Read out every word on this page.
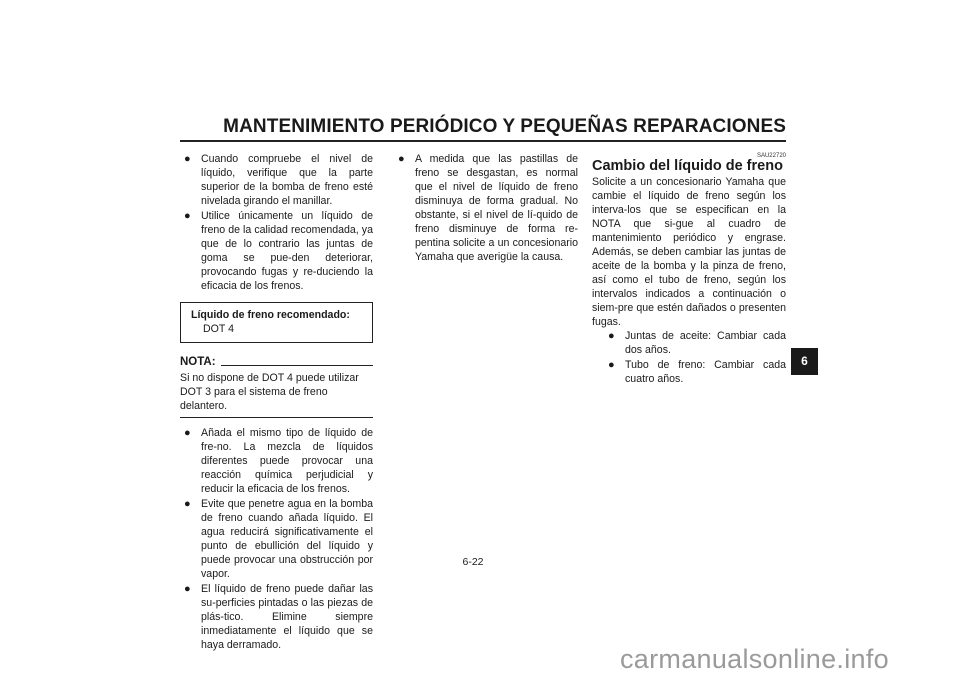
MANTENIMIENTO PERIÓDICO Y PEQUEÑAS REPARACIONES
● Cuando compruebe el nivel de líquido, verifique que la parte superior de la bomba de freno esté nivelada girando el manillar.
● Utilice únicamente un líquido de freno de la calidad recomendada, ya que de lo contrario las juntas de goma se pue-den deteriorar, provocando fugas y re-duciendo la eficacia de los frenos.
Líquido de freno recomendado:
DOT 4
NOTA:
Si no dispone de DOT 4 puede utilizar DOT 3 para el sistema de freno delantero.
● Añada el mismo tipo de líquido de fre-no. La mezcla de líquidos diferentes puede provocar una reacción química perjudicial y reducir la eficacia de los frenos.
● Evite que penetre agua en la bomba de freno cuando añada líquido. El agua reducirá significativamente el punto de ebullición del líquido y puede provocar una obstrucción por vapor.
● El líquido de freno puede dañar las su-perficies pintadas o las piezas de plás-tico. Elimine siempre inmediatamente el líquido que se haya derramado.
● A medida que las pastillas de freno se desgastan, es normal que el nivel de líquido de freno disminuya de forma gradual. No obstante, si el nivel de lí-quido de freno disminuye de forma re-pentina solicite a un concesionario Yamaha que averigüe la causa.
SAU22720
Cambio del líquido de freno
Solicite a un concesionario Yamaha que cambie el líquido de freno según los interva-los que se especifican en la NOTA que si-gue al cuadro de mantenimiento periódico y engrase. Además, se deben cambiar las juntas de aceite de la bomba y la pinza de freno, así como el tubo de freno, según los intervalos indicados a continuación o siem-pre que estén dañados o presenten fugas.
● Juntas de aceite: Cambiar cada dos años.
● Tubo de freno: Cambiar cada cuatro años.
6
6-22
carmanualsonline.info
